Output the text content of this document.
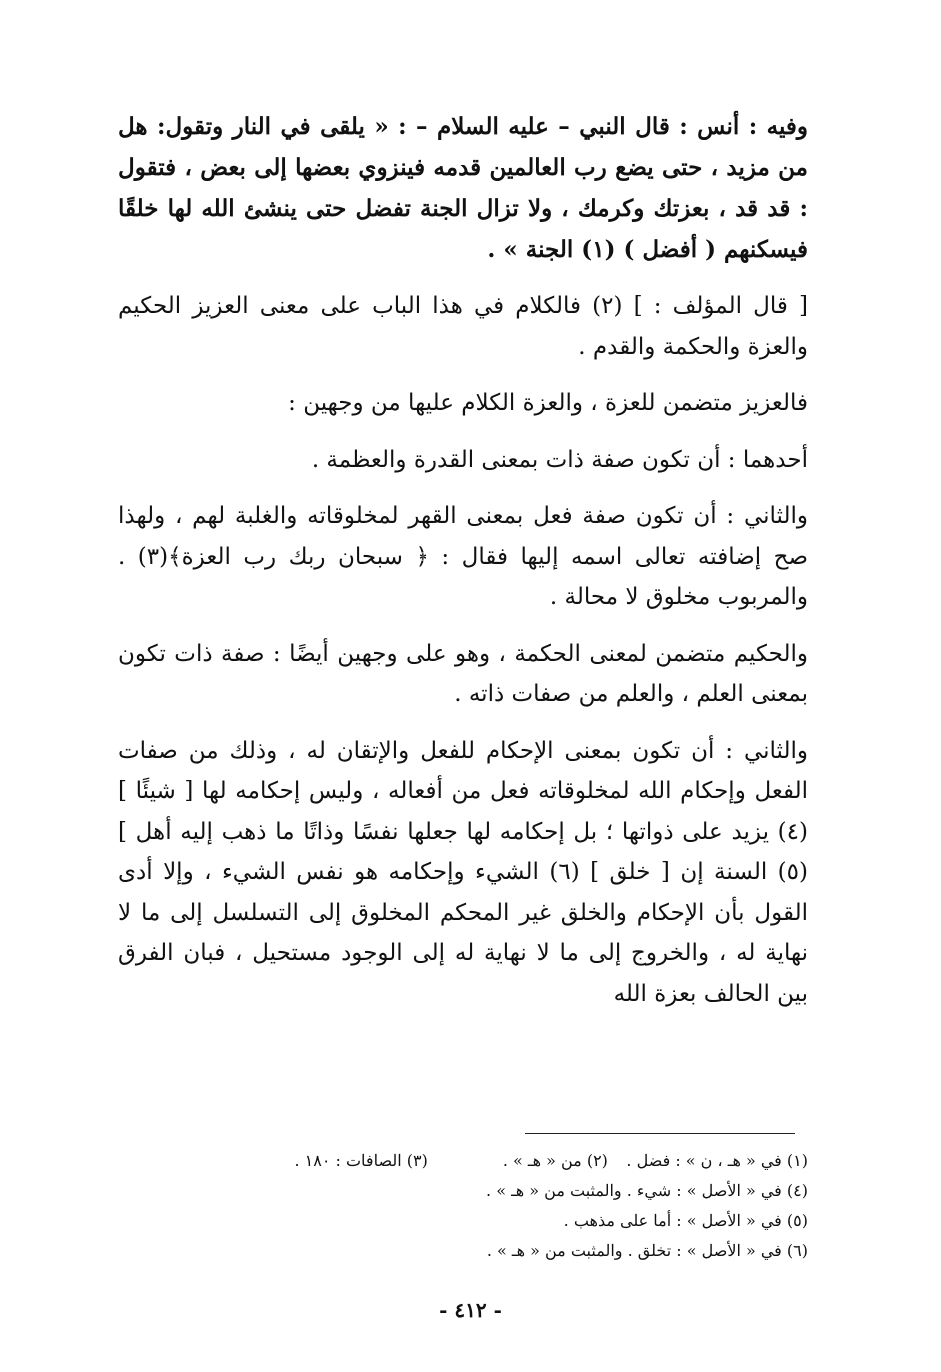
وفيه : أنس : قال النبي – عليه السلام – : « يلقى في النار وتقول: هل من مزيد ، حتى يضع رب العالمين قدمه فينزوي بعضها إلى بعض ، فتقول : قد قد ، بعزتك وكرمك ، ولا تزال الجنة تفضل حتى ينشئ الله لها خلقًا فيسكنهم ( أفضل ) (١) الجنة » .

[ قال المؤلف : ] (٢) فالكلام في هذا الباب على معنى العزيز الحكيم والعزة والحكمة والقدم .

فالعزيز متضمن للعزة ، والعزة الكلام عليها من وجهين :

أحدهما : أن تكون صفة ذات بمعنى القدرة والعظمة .

والثاني : أن تكون صفة فعل بمعنى القهر لمخلوقاته والغلبة لهم ، ولهذا صح إضافته تعالى اسمه إليها فقال : ﴿ سبحان ربك رب العزة﴾(٣) . والمربوب مخلوق لا محالة .

والحكيم متضمن لمعنى الحكمة ، وهو على وجهين أيضًا : صفة ذات تكون بمعنى العلم ، والعلم من صفات ذاته .

والثاني : أن تكون بمعنى الإحكام للفعل والإتقان له ، وذلك من صفات الفعل وإحكام الله لمخلوقاته فعل من أفعاله ، وليس إحكامه لها [ شيئًا ] (٤) يزيد على ذواتها ؛ بل إحكامه لها جعلها نفسًا وذاتًا ما ذهب إليه أهل ] (٥) السنة إن [ خلق ] (٦) الشيء وإحكامه هو نفس الشيء ، وإلا أدى القول بأن الإحكام والخلق غير المحكم المخلوق إلى التسلسل إلى ما لا نهاية له ، والخروج إلى ما لا نهاية له إلى الوجود مستحيل ، فبان الفرق بين الحالف بعزة الله

(١) في « هـ ، ن » : فضل . (٢) من « هـ » . (٣) الصافات : ١٨٠ .
(٤) في « الأصل » : شيء . والمثبت من « هـ » .
(٥) في « الأصل » : أما على مذهب .
(٦) في « الأصل » : تخلق . والمثبت من « هـ » .
- ٤١٢ -
